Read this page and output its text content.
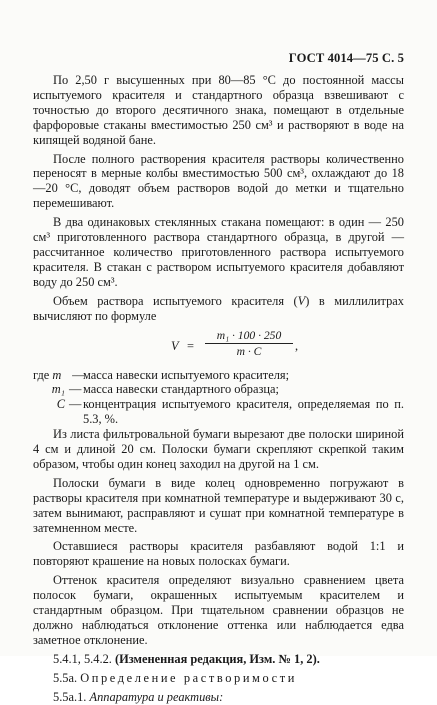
ГОСТ 4014—75 С. 5

По 2,50 г высушенных при 80—85 °С до постоянной массы испытуемого красителя и стандартного образца взвешивают с точностью до второго десятичного знака, помещают в отдельные фарфоровые стаканы вместимостью 250 см³ и растворяют в воде на кипящей водяной бане.

После полного растворения красителя растворы количественно переносят в мерные колбы вместимостью 500 см³, охлаждают до 18—20 °С, доводят объем растворов водой до метки и тщательно перемешивают.

В два одинаковых стеклянных стакана помещают: в один — 250 см³ приготовленного раствора стандартного образца, в другой — рассчитанное количество приготовленного раствора испытуемого красителя. В стакан с раствором испытуемого красителя добавляют воду до 250 см³.

Объем раствора испытуемого красителя (V) в миллилитрах вычисляют по формуле

$V = \frac{\text{m₁ · 100 · 250}}{m \cdot C}$ ,
где m —
масса навески испытуемого красителя;
m₁ — масса навески стандартного образца;
C — концентрация испытуемого красителя, определяемая по п. 5.3, %.

Из листа фильтровальной бумаги вырезают две полоски шириной 4 см и длиной 20 см. Полоски бумаги скрепляют скрепкой таким образом, чтобы один конец заходил на другой на 1 см.

Полоски бумаги в виде колец одновременно погружают в растворы красителя при комнатной температуре и выдерживают 30 с, затем вынимают, расправляют и сушат при комнатной температуре в затемненном месте.

Оставшиеся растворы красителя разбавляют водой 1:1 и повторяют крашение на новых полосках бумаги.

Оттенок красителя определяют визуально сравнением цвета полосок бумаги, окрашенных испытуемым красителем и стандартным образцом. При тщательном сравнении образцов не должно наблюдаться отклонение оттенка или наблюдается едва заметное отклонение.

5.4.1, 5.4.2. (Измененная редакция, Изм. № 1, 2).

5.5а. Определение растворимости

5.5а.1. Аппаратура и реактивы:
